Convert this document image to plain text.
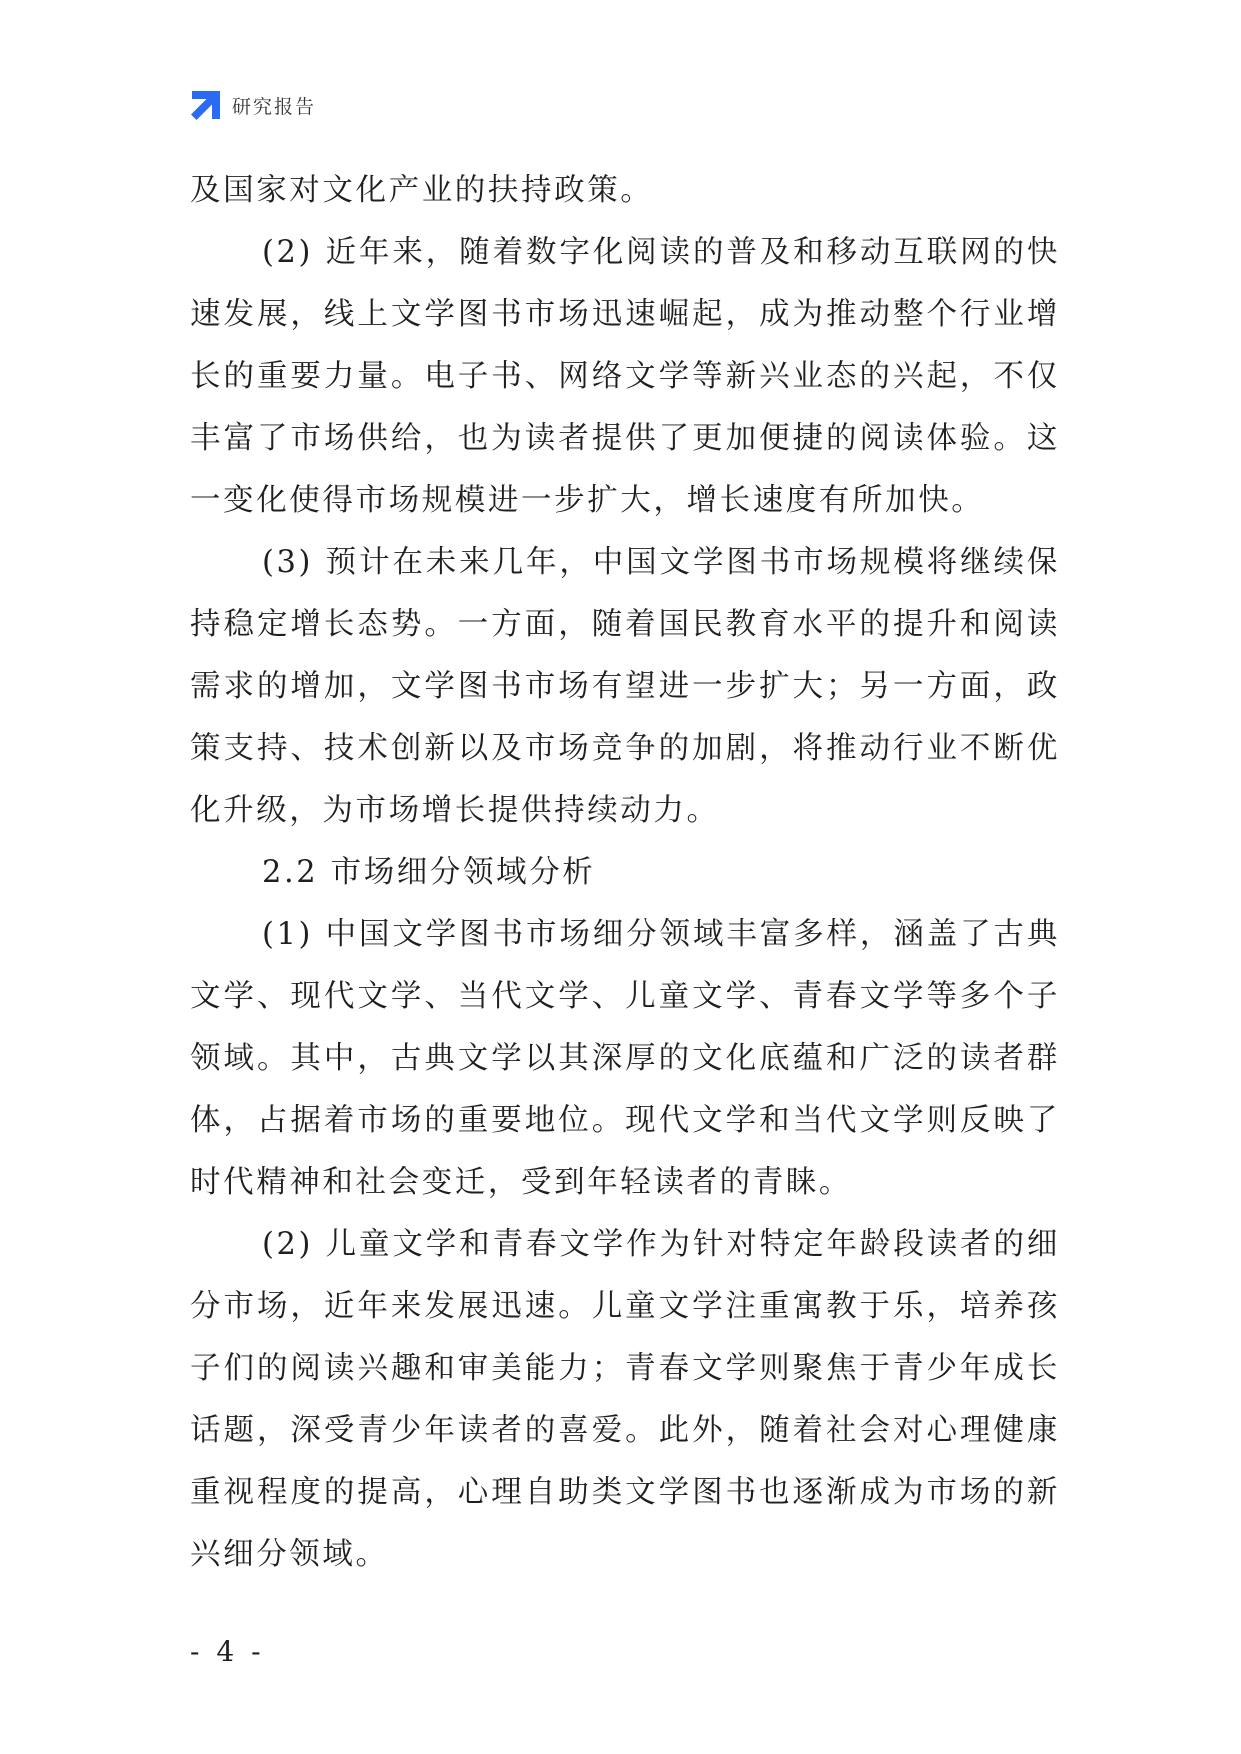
研究报告

及国家对文化产业的扶持政策。

(2) 近年来，随着数字化阅读的普及和移动互联网的快速发展，线上文学图书市场迅速崛起，成为推动整个行业增长的重要力量。电子书、网络文学等新兴业态的兴起，不仅丰富了市场供给，也为读者提供了更加便捷的阅读体验。这一变化使得市场规模进一步扩大，增长速度有所加快。

(3) 预计在未来几年，中国文学图书市场规模将继续保持稳定增长态势。一方面，随着国民教育水平的提升和阅读需求的增加，文学图书市场有望进一步扩大；另一方面，政策支持、技术创新以及市场竞争的加剧，将推动行业不断优化升级，为市场增长提供持续动力。

2.2 市场细分领域分析

(1) 中国文学图书市场细分领域丰富多样，涵盖了古典文学、现代文学、当代文学、儿童文学、青春文学等多个子领域。其中，古典文学以其深厚的文化底蕴和广泛的读者群体，占据着市场的重要地位。现代文学和当代文学则反映了时代精神和社会变迁，受到年轻读者的青睐。

(2) 儿童文学和青春文学作为针对特定年龄段读者的细分市场，近年来发展迅速。儿童文学注重寓教于乐，培养孩子们的阅读兴趣和审美能力；青春文学则聚焦于青少年成长话题，深受青少年读者的喜爱。此外，随着社会对心理健康重视程度的提高，心理自助类文学图书也逐渐成为市场的新兴细分领域。

- 4 -
